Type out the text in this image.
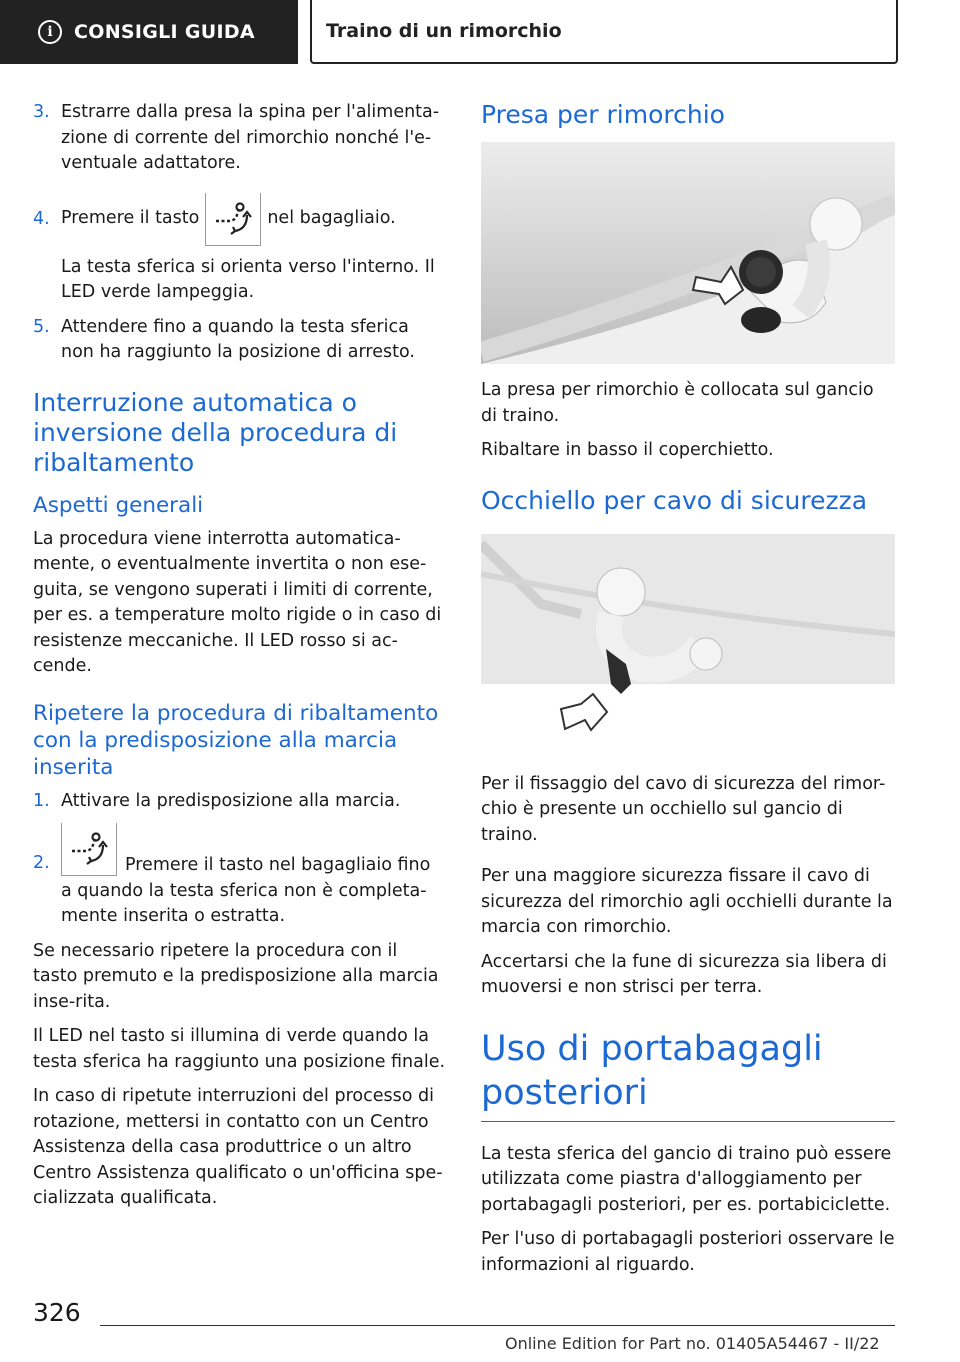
i	CONSIGLI GUIDA	Traino di un rimorchio
3. Estrarre dalla presa la spina per l'alimenta-zione di corrente del rimorchio nonché l'e-ventuale adattatore.

4. Premere il tasto	nel bagagliaio.

La testa sferica si orienta verso l'interno. Il LED verde lampeggia.

5. Attendere fino a quando la testa sferica non ha raggiunto la posizione di arresto.

Interruzione automatica o inversione della procedura di ribaltamento
Aspetti generali

La procedura viene interrotta automatica-mente, o eventualmente invertita o non ese-guita, se vengono superati i limiti di corrente, per es. a temperature molto rigide o in caso di resistenze meccaniche. Il LED rosso si ac-cende.

Ripetere la procedura di ribaltamento con la predisposizione alla marcia inserita
1. Attivare la predisposizione alla marcia.

2.	Premere il tasto nel bagagliaio fino a quando la testa sferica non è completa-mente inserita o estratta.

Se necessario ripetere la procedura con il tasto premuto e la predisposizione alla marcia inse-rita.

Il LED nel tasto si illumina di verde quando la testa sferica ha raggiunto una posizione finale.

In caso di ripetute interruzioni del processo di rotazione, mettersi in contatto con un Centro Assistenza della casa produttrice o un altro Centro Assistenza qualificato o un'officina spe-cializzata qualificata.

Presa per rimorchio

La presa per rimorchio è collocata sul gancio di traino.

Ribaltare in basso il coperchietto.

Occhiello per cavo di sicurezza

Per il fissaggio del cavo di sicurezza del rimor-chio è presente un occhiello sul gancio di traino.

Per una maggiore sicurezza fissare il cavo di sicurezza del rimorchio agli occhielli durante la marcia con rimorchio.

Accertarsi che la fune di sicurezza sia libera di muoversi e non strisci per terra.

Uso di portabagagli posteriori

La testa sferica del gancio di traino può essere utilizzata come piastra d'alloggiamento per portabagagli posteriori, per es. portabiciclette.

Per l'uso di portabagagli posteriori osservare le informazioni al riguardo.

326
Online Edition for Part no. 01405A54467 - II/22
